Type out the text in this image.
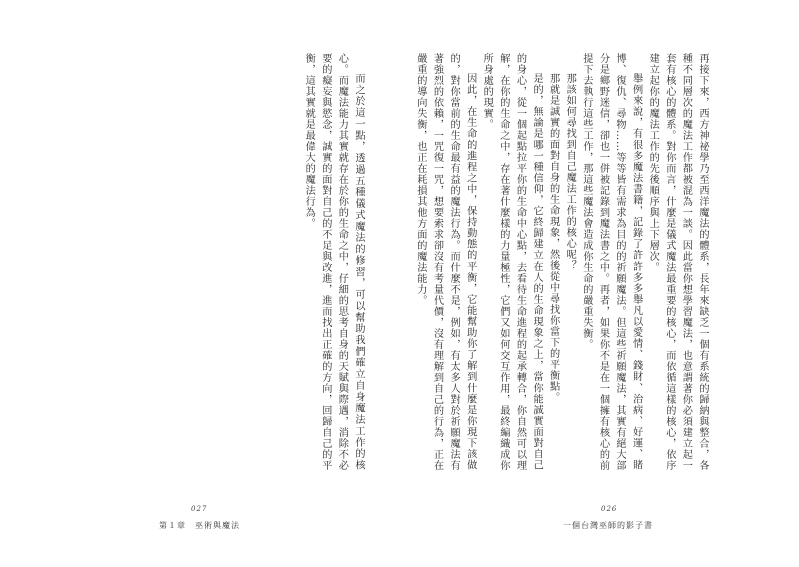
而之於這一點，透過五種儀式魔法的修習，可以幫助我們確立自身魔法工作的核心。而魔法能力其實就存在於你的生命之中，仔細的思考自身的天賦與際遇，消除不必要的癡妄與慾念，誠實的面對自己的不足與改進，進而找出正確的方向，回歸自己的平衡，這其實就是最偉大的魔法行為。

027
第１章　巫術與魔法

再接下來，西方神祕學乃至西洋魔法的體系，長年來缺乏一個有系統的歸納與整合，各種不同層次的魔法工作都被混為一談。因此當你想學習魔法，也意謂著你必須建立起一套有核心的體系。對你而言，什麼是儀式魔法最重要的核心，而依循這樣的核心，依序建立起你的魔法工作的先後順序與上下層次。

舉例來說，有很多魔法書籍，記錄了許許多多舉凡以愛情、錢財、治病、好運、賭博、復仇、尋物……等等皆有需求為目的的祈願魔法。但這些祈願魔法，其實有絕大部分是鄉野迷信，卻也一併被記錄到魔法書之中。再者，如果你不是在一個擁有核心的前提下去執行這些工作，那這些魔法會造成你生命的嚴重失衡。

那該如何尋找到自己魔法工作的核心呢？

那就是誠實的面對自身的生命現象，然後從中尋找你當下的平衡點。

是的，無論是哪一種信仰，它終歸建立在人的生命現象之上，當你能誠實面對自己的身心，從一個起點拉平你的生命中心點，去看待生命進程的起承轉合，你自然可以理解，在你的生命之中，存在著什麼樣的力量極性，它們又如何交互作用，最終編織成你所身處的現實。

因此，在生命的進程之中，保持動態的平衡，它能幫助你了解到什麼是你現下該做的，對你當前的生命最有益的魔法行為。而什麼不是，例如，有太多人對於祈願魔法有著強烈的依賴，一咒復一咒，想要索求卻沒有考量代價，沒有理解到自己的行為，正在嚴重的導向失衡，也正在耗損其他方面的魔法能力。

026
一個台灣巫師的影子書
